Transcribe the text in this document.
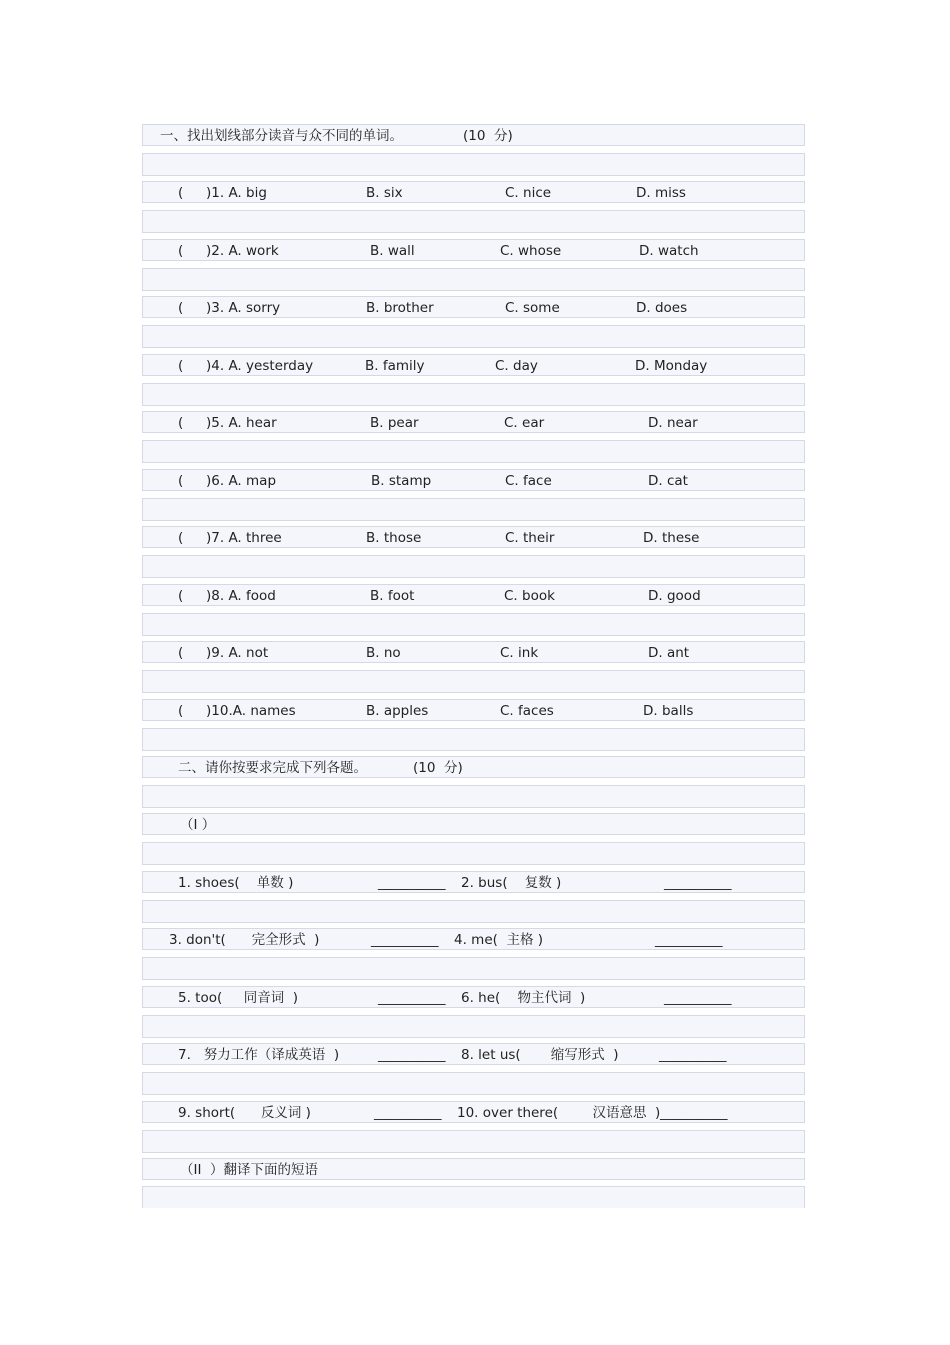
一、找出划线部分读音与众不同的单词。	(10  分)
( )1. A. big	B. six	C. nice	D. miss
( )2. A. work	B. wall	C. whose	D. watch
( )3. A. sorry	B. brother	C. some	D. does
( )4. A. yesterday	B. family	C. day	D. Monday
( )5. A. hear	B. pear	C. ear	D. near
( )6. A. map	B. stamp	C. face	D. cat
( )7. A. three	B. those	C. their	D. these
( )8. A. food	B. foot	C. book	D. good
( )9. A. not	B. no	C. ink	D. ant
( )10.A. names	B. apples	C. faces	D. balls
二、请你按要求完成下列各题。	(10  分)
（I ）
1. shoes(    单数 )	__________ 2. bus(    复数 )	__________
3. don't(      完全形式  )	__________ 4. me(  主格 )	__________
5. too(     同音词  )	__________ 6. he(    物主代词  )	__________
7.   努力工作（译成英语  )	__________ 8. let us(       缩写形式  )	__________
9. short(      反义词 )	__________ 10. over there(        汉语意思  ) __________
（II  ）翻译下面的短语
